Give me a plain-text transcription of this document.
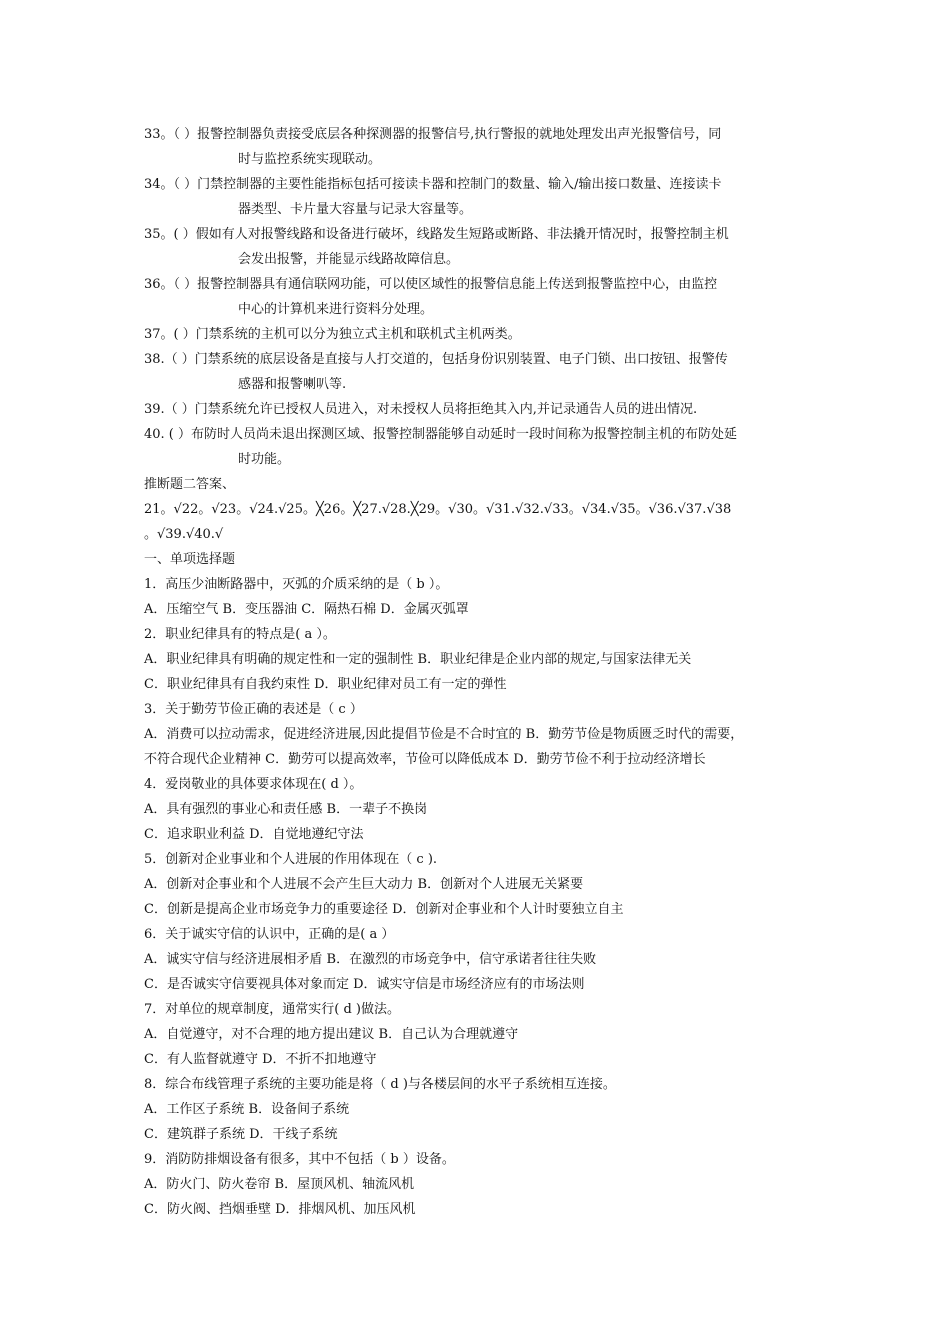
33。（ ）报警控制器负责接受底层各种探测器的报警信号,执行警报的就地处理发出声光报警信号，同
时与监控系统实现联动。
34。（ ）门禁控制器的主要性能指标包括可接读卡器和控制门的数量、输入/输出接口数量、连接读卡
器类型、卡片量大容量与记录大容量等。
35。( ）假如有人对报警线路和设备进行破坏，线路发生短路或断路、非法撬开情况时，报警控制主机
会发出报警，并能显示线路故障信息。
36。（ ）报警控制器具有通信联网功能，可以使区域性的报警信息能上传送到报警监控中心，由监控
中心的计算机来进行资料分处理。
37。( ）门禁系统的主机可以分为独立式主机和联机式主机两类。
38.（ ）门禁系统的底层设备是直接与人打交道的，包括身份识别装置、电子门锁、出口按钮、报警传
感器和报警喇叭等.
39.（ ）门禁系统允许已授权人员进入，对未授权人员将拒绝其入内,并记录通告人员的进出情况.
40. ( ）布防时人员尚未退出探测区域、报警控制器能够自动延时一段时间称为报警控制主机的布防处延
时功能。
推断题二答案、
21。√22。√23。√24.√25。╳26。╳27.√28.╳29。√30。√31.√32.√33。√34.√35。√36.√37.√38
。√39.√40.√
一、单项选择题
1．高压少油断路器中，灭弧的介质采纳的是（ b ）。
A．压缩空气 B．变压器油 C．隔热石棉 D．金属灭弧罩
2．职业纪律具有的特点是( a ）。
A．职业纪律具有明确的规定性和一定的强制性 B．职业纪律是企业内部的规定,与国家法律无关
C．职业纪律具有自我约束性 D．职业纪律对员工有一定的弹性
3．关于勤劳节俭正确的表述是（ c ）
A．消费可以拉动需求，促进经济进展,因此提倡节俭是不合时宜的 B．勤劳节俭是物质匮乏时代的需要，
不符合现代企业精神 C．勤劳可以提高效率，节俭可以降低成本 D．勤劳节俭不利于拉动经济增长
4．爱岗敬业的具体要求体现在( d ）。
A．具有强烈的事业心和责任感 B．一辈子不换岗
C．追求职业利益 D．自觉地遵纪守法
5．创新对企业事业和个人进展的作用体现在（ c ).
A．创新对企事业和个人进展不会产生巨大动力 B．创新对个人进展无关紧要
C．创新是提高企业市场竞争力的重要途径 D．创新对企事业和个人计时要独立自主
6．关于诚实守信的认识中，正确的是( a ）
A．诚实守信与经济进展相矛盾 B．在激烈的市场竞争中，信守承诺者往往失败
C．是否诚实守信要视具体对象而定 D．诚实守信是市场经济应有的市场法则
7．对单位的规章制度，通常实行( d )做法。
A．自觉遵守，对不合理的地方提出建议 B．自己认为合理就遵守
C．有人监督就遵守 D．不折不扣地遵守
8．综合布线管理子系统的主要功能是将（ d )与各楼层间的水平子系统相互连接。
A．工作区子系统 B．设备间子系统
C．建筑群子系统 D．干线子系统
9．消防防排烟设备有很多，其中不包括（ b ）设备。
A．防火门、防火卷帘 B．屋顶风机、轴流风机
C．防火阀、挡烟垂壁 D．排烟风机、加压风机
